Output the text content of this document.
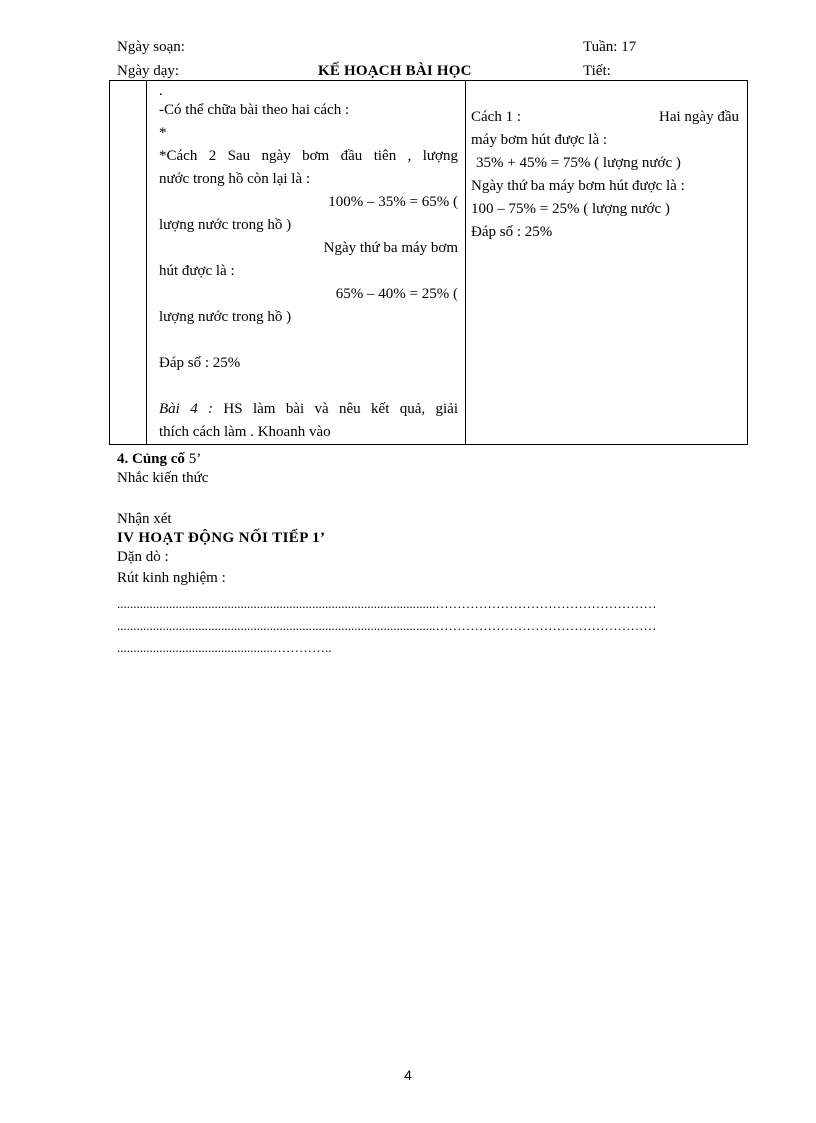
Ngày soạn:	Tuần: 17
Ngày dạy:	KẾ HOẠCH BÀI HỌC	Tiết:

.

-Có thể chữa bài theo hai cách :

*

*Cách 2 Sau ngày bơm đầu tiên , lượng

nước trong hồ còn lại là :

100% – 35% = 65% (

lượng nước trong hồ )

Ngày thứ ba máy bơm

hút được là :

65% – 40% = 25% (

lượng nước trong hồ )

Đáp số : 25%

Bài 4 : HS làm bài và nêu kết quả, giải

thích cách làm . Khoanh vào

Cách 1 :	Hai ngày đầu

máy bơm hút được là :

35% + 45% = 75% ( lượng nước )

Ngày thứ ba máy bơm hút được là :

100 – 75% = 25% ( lượng nước )

Đáp số : 25%

4. Củng cố 5’
Nhắc kiến thức
Nhận xét
IV HOẠT ĐỘNG NỐI TIẾP 1’
Dặn dò :
Rút kinh nghiệm :
..................................................................................................……………………………………………
..................................................................................................……………………………………………
................................................…………..
4
